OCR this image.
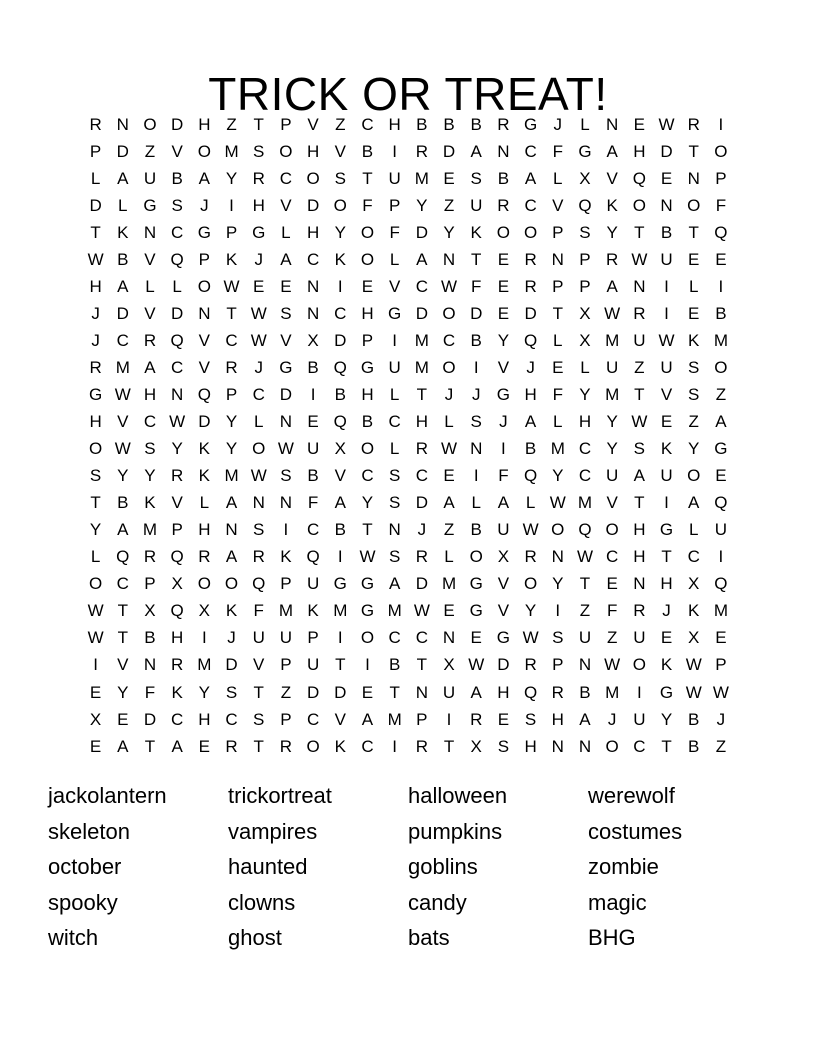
TRICK OR TREAT!
R N O D H Z T P V Z C H B B B R G J	L N E W R	I
P D Z V O M S O H V B	I	R D A N C F G A H D T O
L A U B A Y R C O S T U M E S B A L X V Q E N P
D L G S	J	I	H V D O F P Y Z U R C V Q K O N O F
T K N C G P G L H Y O F D Y K O O P S Y T B T Q
W B V Q P K	J	A C K O L A N T E R N P R W U E E
H A L	L O W E E N	I	E V C W F E R P P A N	I	L	I
J D V D N T W S N C H G D O D E D T X W R	I	E B
J C R Q V C W V X D P	I	M C B Y Q L X M U W K M
R M A C V R J G B Q G U M O	I	V	J	E L U Z U S O
G W H N Q P C D	I	B H L	T	J	J G H F Y M T V S Z
H V C W D Y L N E Q B C H L S	J	A L H Y W E Z A
O W S Y K Y O W U X O L R W N	I	B M C Y S K Y G
S Y Y R K M W S B V C S C E	I	F Q Y C U A U O E
T B K V L A N N F A Y S D A L A L W M V T	I	A Q
Y A M P H N S	I	C B T N J	Z B U W O Q O H G L U
L Q R Q R A R K Q	I W S R L O X R N W C H T C	I
O C P X O O Q P U G G A D M G V O Y T E N H X Q
W T X Q X K F M K M G M W E G V Y	I	Z F R J	K M
W T B H	I	J U U P	I	O C C N E G W S U Z U E X E
I	V N R M D V P U T	I	B T X W D R P N W O K W P
E Y F K Y S T Z D D E T N U A H Q R B M	I	G W W
X E D C H C S P C V A M P	I	R E S H A	J U Y B	J
E A T A E R T R O K C	I	R T X S H N N O C T B Z
jackolantern
skeleton
october
spooky
witch
trickortreat
vampires
haunted
clowns
ghost
halloween
pumpkins
goblins
candy
bats
werewolf
costumes
zombie
magic
BHG
